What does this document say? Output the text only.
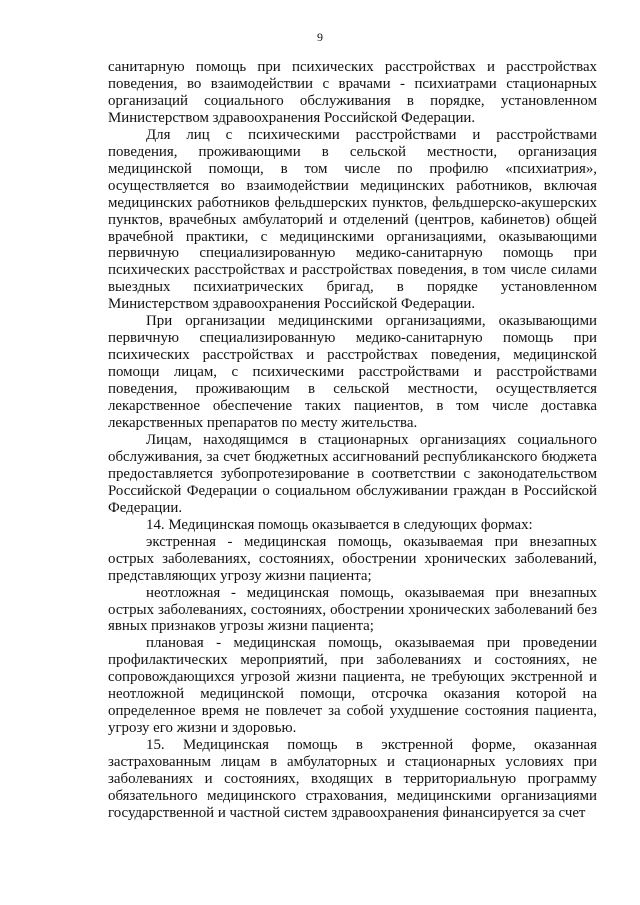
9

санитарную помощь при психических расстройствах и расстройствах поведения, во взаимодействии с врачами - психиатрами стационарных организаций социального обслуживания в порядке, установленном Министерством здравоохранения Российской Федерации.

Для лиц с психическими расстройствами и расстройствами поведения, проживающими в сельской местности, организация медицинской помощи, в том числе по профилю «психиатрия», осуществляется во взаимодействии медицинских работников, включая медицинских работников фельдшерских пунктов, фельдшерско-акушерских пунктов, врачебных амбулаторий и отделений (центров, кабинетов) общей врачебной практики, с медицинскими организациями, оказывающими первичную специализированную медико-санитарную помощь при психических расстройствах и расстройствах поведения, в том числе силами выездных психиатрических бригад, в порядке установленном Министерством здравоохранения Российской Федерации.

При организации медицинскими организациями, оказывающими первичную специализированную медико-санитарную помощь при психических расстройствах и расстройствах поведения, медицинской помощи лицам, с психическими расстройствами и расстройствами поведения, проживающим в сельской местности, осуществляется лекарственное обеспечение таких пациентов, в том числе доставка лекарственных препаратов по месту жительства.

Лицам, находящимся в стационарных организациях социального обслуживания, за счет бюджетных ассигнований республиканского бюджета предоставляется зубопротезирование в соответствии с законодательством Российской Федерации о социальном обслуживании граждан в Российской Федерации.

14. Медицинская помощь оказывается в следующих формах:

экстренная - медицинская помощь, оказываемая при внезапных острых заболеваниях, состояниях, обострении хронических заболеваний, представляющих угрозу жизни пациента;

неотложная - медицинская помощь, оказываемая при внезапных острых заболеваниях, состояниях, обострении хронических заболеваний без явных признаков угрозы жизни пациента;

плановая - медицинская помощь, оказываемая при проведении профилактических мероприятий, при заболеваниях и состояниях, не сопровождающихся угрозой жизни пациента, не требующих экстренной и неотложной медицинской помощи, отсрочка оказания которой на определенное время не повлечет за собой ухудшение состояния пациента, угрозу его жизни и здоровью.

15. Медицинская помощь в экстренной форме, оказанная застрахованным лицам в амбулаторных и стационарных условиях при заболеваниях и состояниях, входящих в территориальную программу обязательного медицинского страхования, медицинскими организациями государственной и частной систем здравоохранения финансируется за счет
